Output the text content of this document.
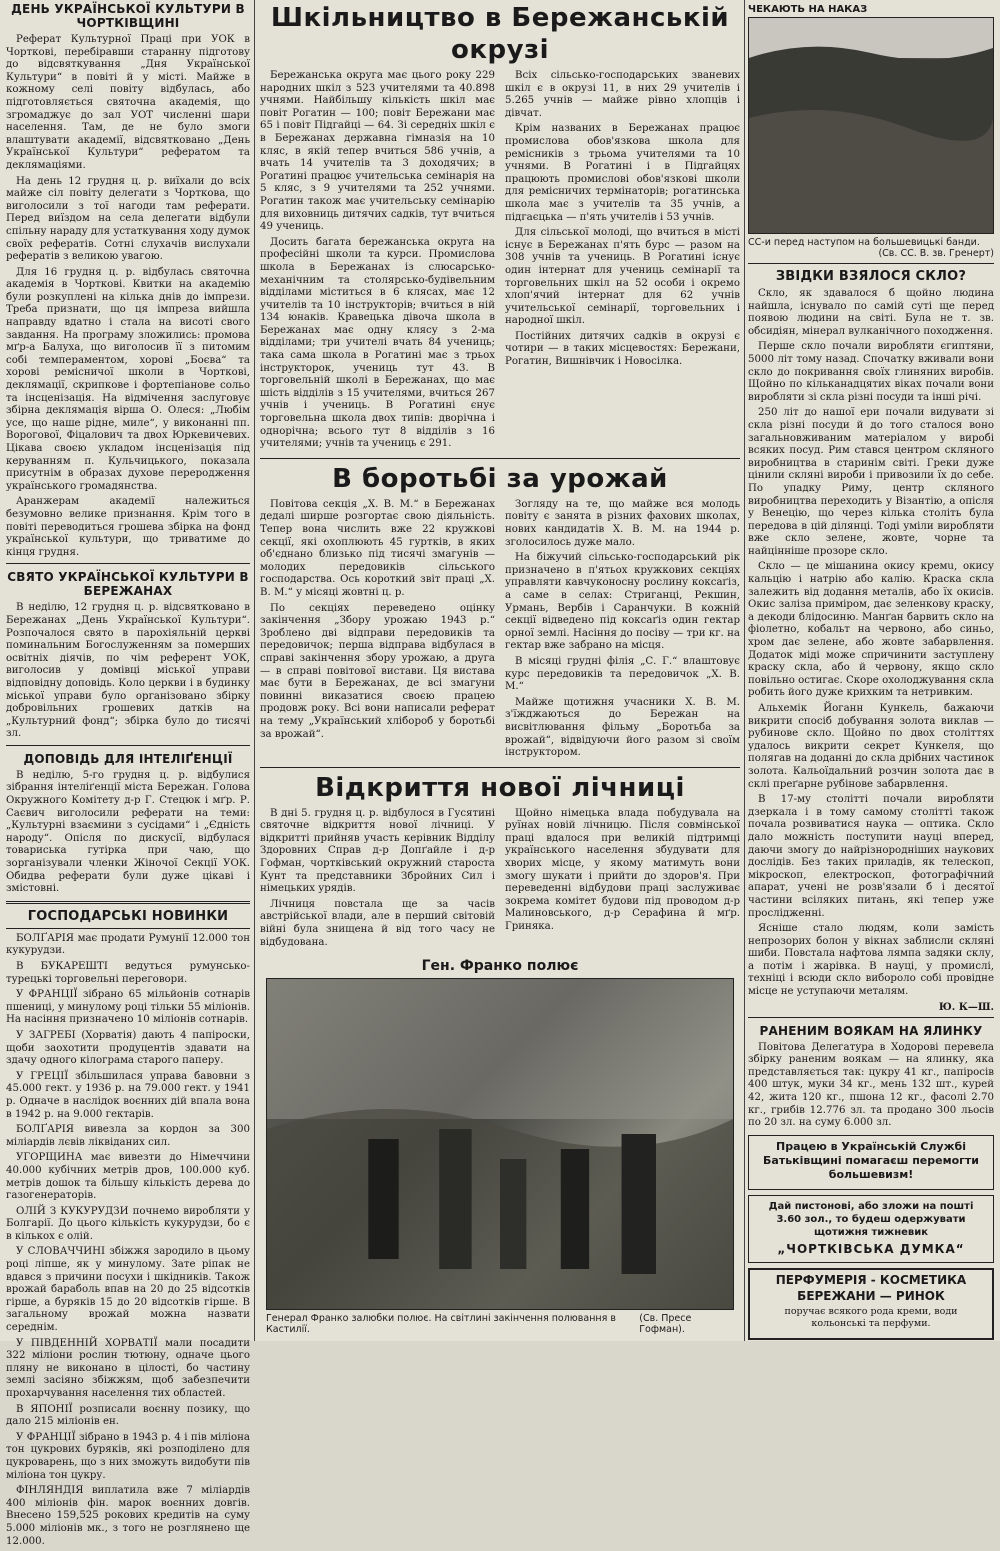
ДЕНЬ УКРАЇНСЬКОЇ КУЛЬТУРИ В ЧОРТКІВЩИНІ

Реферат Культурної Праці при УОК в Чорткові, перебіравши старанну підготову до відсвяткування „Дня Української Культури“ в повіті й у місті. Майже в кожному селі повіту відбулась, або підготовляється святочна академія, що згромаджує до зал УОТ численні шари населення. Там, де не було змоги влаштувати академії, відсвятковано „День Української Культури“ рефератом та деклямаціями.

На день 12 грудня ц. р. виїхали до всіх майже сіл повіту делегати з Чорткова, що виголосили з тої нагоди там реферати. Перед виїздом на села делегати відбули спільну нараду для устаткування ходу думок своїх рефератів. Сотні слухачів вислухали рефератів з великою увагою.

Для 16 грудня ц. р. відбулась святочна академія в Чорткові. Квитки на академію були розкуплені на кілька днів до імпрези. Треба признати, що ця імпреза вийшла направду вдатно і стала на висоті свого завдання. На програму зложились: промова мґр-а Балуха, що виголосив її з питомим собі темпераментом, хорові „Боєва“ та хорові ремісничої школи в Чорткові, деклямації, скрипкове і фортепіанове сольо та інсценізація. На відмічення заслуговує збірна деклямація вірша О. Олеся: „Любім усе, що наше рідне, миле“, у виконанні пп. Ворогової, Фіцалович та двох Юркевичевих. Цікава своєю укладом інсценізація під керуванням п. Кульчицького, показала присутнім в образах духове переродження українського громадянства.

Аранжерам академії належиться безумовно велике признання. Крім того в повіті переводиться грошева збірка на фонд української культури, що триватиме до кінця грудня.

СВЯТО УКРАЇНСЬКОЇ КУЛЬТУРИ В БЕРЕЖАНАХ

В неділю, 12 грудня ц. р. відсвятковано в Бережанах „День Української Культури“. Розпочалося свято в парохіяльній церкві поминальним Богослуженням за померших освітніх діячів, по чім референт УОК, виголосив у домівці міської управи відповідну доповідь. Коло церкви і в будинку міської управи було організовано збірку добровільних грошевих датків на „Культурний фонд“; збірка було до тисячі зл.

ДОПОВІДЬ ДЛЯ ІНТЕЛІҐЕНЦІЇ

В неділю, 5-го грудня ц. р. відбулися зібрання інтеліґенції міста Бережан. Голова Окружного Комітету д-р Г. Стецюк і мґр. Р. Саєвич виголосили реферати на теми: „Культурні взаємини з сусідами“ і „Єдність народу“. Опісля по дискусії, відбулася товариська гутірка при чаю, що зорганізували членки Жіночої Секції УОК. Обидва реферати були дуже цікаві і змістовні.

ГОСПОДАРСЬКІ НОВИНКИ

БОЛҐАРІЯ має продати Румунії 12.000 тон кукурудзи.

В БУКАРЕШТІ ведуться румунсько-турецькі торговельні переговори.

У ФРАНЦІЇ зібрано 65 мільйонів сотнарів пшениці, у минулому році тільки 55 міліонів. На насіння призначено 10 міліонів сотнарів.

У ЗАГРЕБІ (Хорватія) дають 4 папіроски, щоби заохотити продуцентів здавати на здачу одного кілограма старого паперу.

У ГРЕЦІЇ збільшилася управа бавовни з 45.000 гект. у 1936 р. на 79.000 гект. у 1941 р. Одначе в наслідок воєнних дій впала вона в 1942 р. на 9.000 гектарів.

БОЛҐАРІЯ вивезла за кордон за 300 міліардів лєвів ліквіданих сил.

УГОРЩИНА має вивезти до Німеччини 40.000 кубічних метрів дров, 100.000 куб. метрів дошок та більшу кількість дерева до газогенераторів.

ОЛІЙ З КУКУРУДЗИ почнемо виробляти у Болгарії. До цього кількість кукурудзи, бо є в кількох є олій.

У СЛОВАЧЧИНІ збіжжя зародило в цьому році ліпше, як у минулому. Зате ріпак не вдався з причини посухи і шкідників. Також врожай бараболь впав на 20 до 25 відсотків гірше, а буряків 15 до 20 відсотків гірше. В загальному врожай можна назвати середнім.

У ПІВДЕННІЙ ХОРВАТІЇ мали посадити 322 міліони рослин тютюну, одначе цього пляну не виконано в цілості, бо частину землі засіяно збіжжям, щоб забезпечити прохарчування населення тих областей.

В ЯПОНІЇ розписали воєнну позику, що дало 215 міліонів ен.

У ФРАНЦІЇ зібрано в 1943 р. 4 і пів міліона тон цукрових буряків, які розподілено для цукроварень, що з них зможуть видобути пів міліона тон цукру.

ФІНЛЯНДІЯ виплатила вже 7 міліардів 400 міліонів фін. марок воєнних довгів. Внесено 159,525 рокових кредитів на суму 5.000 міліонів мк., з того не розглянено ще 12.000.

Шкільництво в Бережанській окрузі

Бережанська округа має цього року 229 народних шкіл з 523 учителями та 40.898 учнями. Найбільшу кількість шкіл має повіт Рогатин — 100; повіт Бережани має 65 і повіт Підгайці — 64. Зі середніх шкіл є в Бережанах державна гімназія на 10 кляс, в якій тепер вчиться 586 учнів, а вчать 14 учителів та 3 доходячих; в Рогатині працює учительська семінарія на 5 кляс, з 9 учителями та 252 учнями. Рогатин також має учительську семінарію для виховниць дитячих садків, тут вчиться 49 учениць.

Досить багата бережанська округа на професійні школи та курси. Промислова школа в Бережанах із слюсарсько-механічним та столярсько-будівельним відділами міститься в 6 клясах, має 12 учителів та 10 інструкторів; вчиться в ній 134 юнаків. Кравецька дівоча школа в Бережанах має одну клясу з 2-ма відділами; три учителі вчать 84 учениць; така сама школа в Рогатині має з трьох інструкторок, учениць тут 43. В торговельній школі в Бережанах, що має шість відділів з 15 учителями, вчиться 267 учнів і учениць. В Рогатині єнує торговельна школа двох типів: дворічна і однорічна; всього тут 8 відділів з 16 учителями; учнів та учениць є 291.

Всіх сільсько-господарських званевих шкіл є в окрузі 11, в них 29 учителів і 5.265 учнів — майже рівно хлопців і дівчат.

Крім названих в Бережанах працює промислова обов'язкова школа для ремісників з трьома учителями та 10 учнями. В Рогатині і в Підгайцях працюють промислові обов'язкові школи для ремісничих термінаторів; рогатинська школа має з учителів та 35 учнів, а підгаєцька — п'ять учителів і 53 учнів.

Для сільської молоді, що вчиться в містi існує в Бережанах п'ять бурс — разом на 308 учнів та учениць. В Рогатині існує один інтернат для учениць семінарії та торговельних шкіл на 52 особи і окремо хлоп'ячий інтернат для 62 учнів учительської семінарії, торговельних і народної шкіл.

Постійних дитячих садків в окрузі є чотири — в таких місцевостях: Бережани, Рогатин, Вишнівчик і Новосілка.

В боротьбі за урожай

Повітова секція „Х. В. М.“ в Бережанах дедалі ширше розгортає свою діяльність. Тепер вона числить вже 22 кружкові секції, які охоплюють 45 гуртків, в яких об'єднано близько під тисячі змагунів — молодих передовиків сільського господарства. Ось короткий звіт праці „Х. В. М.“ у місяці жовтні ц. р.

По секціях переведено оцінку закінчення „Збору урожаю 1943 р.“ Зроблено дві відправи передовиків та передовичок; перша відправа відбулася в справі закінчення збору урожаю, а друга — в справі повітової вистави. Ця вистава має бути в Бережанах, де всі змагуни повинні виказатися своєю працею продовж року. Всі вони написали реферат на тему „Український хлібороб у боротьбі за врожай“.

Зогляду на те, що майже вся молодь повіту є занята в різних фахових школах, нових кандидатів Х. В. М. на 1944 р. зголосилось дуже мало.

На біжучий сільсько-господарський рік призначено в п'ятьох кружкових секціях управляти кавчуконосну рослину коксаґіз, а саме в селах: Стриганці, Рекшин, Урмань, Вербів і Саранчуки. В кожній секції відведено під коксаґіз один гектар орної землі. Насіння до посіву — три кг. на гектар вже забрано на місця.

В місяці грудні філія „С. Г.“ влаштовує курс передовиків та передовичок „Х. В. М.“

Майже щотижня учасники Х. В. М. з'їжджаються до Бережан на висвітлювання фільму „Боротьба за врожай“, відвідуючи його разом зі своїм інструктором.

Відкриття нової лічниці

В дні 5. грудня ц. р. відбулося в Гусятині святочне відкриття нової лічниці. У відкритті прийняв участь керівник Відділу Здоровних Справ д-р Допґайле і д-р Гофман, чортківський окружний староста Кунт та представники Збройних Сил і німецьких урядів.

Лічниця повстала ще за часів австрійської влади, але в перший світовій війні була знищена й від того часу не відбудована.

Щойно німецька влада побудувала на руїнах новій лічницю. Після совмінської праці вдалося при великій підтримці українського населення збудувати для хворих місце, у якому матимуть вони змогу шукати і прийти до здоров'я. При переведенні відбудови праці заслуживає зокрема комітет будови під проводом д-р Малиновського, д-р Серафина й мґр. Гриняка.

Ген. Франко полює
Генерал Франко залюбки полює. На світлині закінчення полювання в Кастилії.
(Св. Пресе Гофман).
ЧЕКАЮТЬ НА НАКАЗ
СС-и перед наступом на большевицькі банди.
(Св. СС. В. зв. Гренерт)
ЗВІДКИ ВЗЯЛОСЯ СКЛО?

Скло, як здавалося б щойно людина найшла, існувало по самій суті ще перед появою людини на світі. Була не т. зв. обсидіян, мінерал вулканічного походження.

Перше скло почали виробляти єгиптяни, 5000 літ тому назад. Спочатку вживали вони скло до покривання своїх глиняних виробів. Щойно по кільканадцятих віках почали вони виробляти зі скла різні посуди та інші річі.

250 літ до нашої ери почали видувати зі скла різні посуди й до того сталося воно загальновживаним матеріалом у виробі всяких посуд. Рим стався центром скляного виробництва в старинім світі. Греки дуже цінили скляні вироби і привозили їх до себе. По упадку Риму, центр скляного виробництва переходить у Візантію, а опісля у Венецію, що через кілька століть була передова в цій ділянці. Тоді уміли виробляти вже скло зелене, жовте, чорне та найцінніше прозоре скло.

Скло — це мішанина окису кремu, окису кальцію і натрію або калію. Краска скла залежить від додання металів, або їх окисів. Окис заліза приміром, дає зеленкову краску, а декоди блідосиню. Манґан барвить скло на фіолетно, кобальт на червоно, або синьо, хром дає зелене, або жовте забарвлення. Додаток міді може спричинити заступлену краску скла, або й червону, якщо скло повільно остигає. Скоре охолоджування скла робить його дуже крихким та нетривким.

Альхемік Йоганн Кункель, бажаючи викрити спосіб добування золота виклав — рубинове скло. Щойно по двох століттях удалось викрити секрет Кункеля, що полягав на доданні до скла дрібних частинок золота. Кальоїдальний розчин золота дає в склі преґарне рубінове забарвлення.

В 17-му століттi почали виробляти дзеркала і в тому самому столітті також почала розвиватися наука — оптика. Скло дало можність поступити науці вперед, даючи змогу до найрізнородніших наукових дослідів. Без таких приладів, як телескоп, мікроскоп, електроскоп, фотографічний апарат, учені не розв'язали б і десятої частини всіляких питань, які тепер уже прослідженні.

Ясніше стало людям, коли замість непрозорих болон у вікнах заблисли скляні шиби. Повстала нафтова лямпа задяки склу, а потім і жарівка. В науці, у промислі, техніці і всюди скло виборолo собі провідне місце не уступаючи металям.

Ю. К—Ш.
РАНЕНИМ ВОЯКАМ НА ЯЛИНКУ

Повітова Делегатура в Ходорові перевела збірку раненим воякам — на ялинку, яка представляється так: цукру 41 кг., папіросів 400 штук, муки 34 кг., мень 132 шт., курей 42, жита 120 кг., пшона 12 кг., фасолі 2.70 кг., грибів 12.776 зл. та продано 300 льосів по 20 зл. на суму 6.000 зл.

Працею в Українській Службі Батьківщині помагаєш перемогти большевизм!

Дай пистонові, або зложи на пошті 3.60 зол., то будеш одержувати щотижня тижневик

„ЧОРТКІВСЬКА ДУМКА“

ПЕРФУМЕРІЯ - КОСМЕТИКА

БЕРЕЖАНИ — РИНОК

поручає всякого рода креми, води кольонські та перфуми.
